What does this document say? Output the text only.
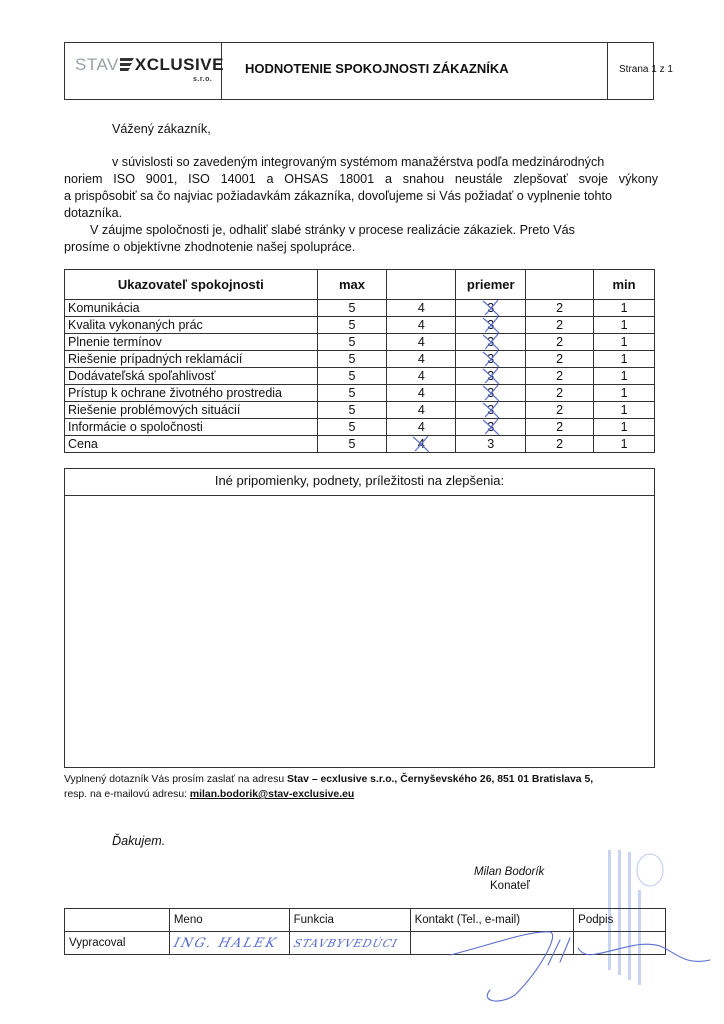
STAV XCLUSIVE
s.r.o.
HODNOTENIE SPOKOJNOSTI ZÁKAZNÍKA	Strana 1 z 1
Vážený zákazník,
v súvislosti so zavedeným integrovaným systémom manažérstva podľa medzinárodných
noriem ISO 9001, ISO 14001 a OHSAS 18001 a snahou neustále zlepšovať svoje výkony
a prispôsobiť sa čo najviac požiadavkám zákazníka, dovoľujeme si Vás požiadať o vyplnenie tohto
dotazníka.
V záujme spoločnosti je, odhaliť slabé stránky v procese realizácie zákaziek. Preto Vás
prosíme o objektívne zhodnotenie našej spolupráce.
Ukazovateľ spokojnosti	max		priemer		min
Komunikácia	5	4	3	2	1
Kvalita vykonaných prác	5	4	3	2	1
Plnenie termínov	5	4	3	2	1
Riešenie prípadných reklamácií	5	4	3	2	1
Dodávateľská spoľahlivosť	5	4	3	2	1
Prístup k ochrane životného prostredia	5	4	3	2	1
Riešenie problémových situácií	5	4	3	2	1
Informácie o spoločnosti	5	4	3	2	1
Cena	5	4	3	2	1
Iné pripomienky, podnety, príležitosti na zlepšenia:
Vyplnený dotazník Vás prosím zaslať na adresu Stav – ecxlusive s.r.o., Černyševského 26, 851 01 Bratislava 5,
resp. na e-mailovú adresu: milan.bodorik@stav-exclusive.eu
Ďakujem.
Milan Bodorík
Konateľ
	Meno	Funkcia	Kontakt (Tel., e-mail)	Podpis
Vypracoval	ING. HALEK	STAVBYVEDÚCI		
